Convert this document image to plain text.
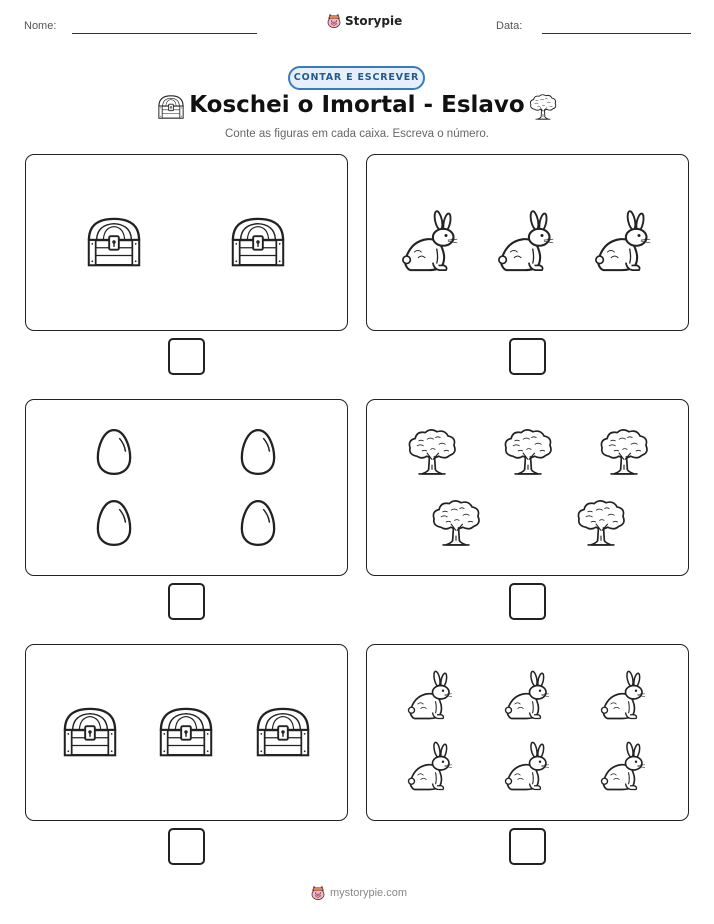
Nome:	Storypie	Data:
CONTAR E ESCREVER
Koschei o Imortal - Eslavo
Conte as figuras em cada caixa. Escreva o número.
mystorypie.com
